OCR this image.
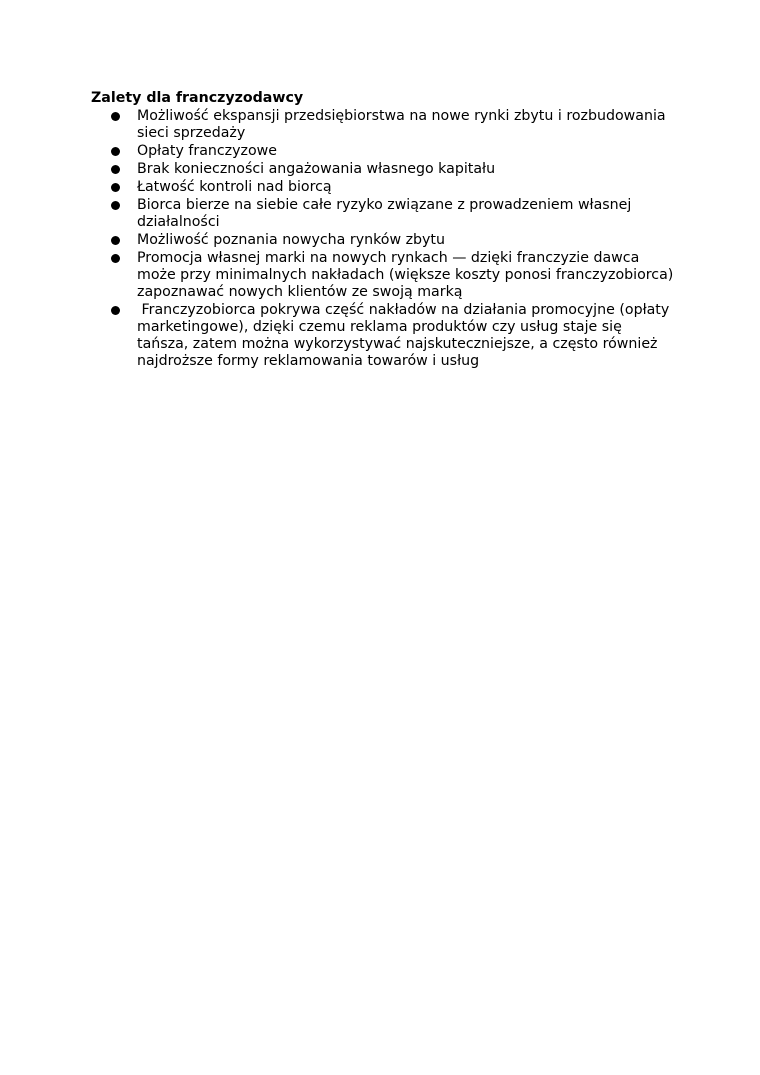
Zalety dla franczyzodawcy
Możliwość ekspansji przedsiębiorstwa na nowe rynki zbytu i rozbudowania
sieci sprzedaży
Opłaty franczyzowe
Brak konieczności angażowania własnego kapitału
Łatwość kontroli nad biorcą
Biorca bierze na siebie całe ryzyko związane z prowadzeniem własnej
działalności
Możliwość poznania nowycha rynków zbytu
Promocja własnej marki na nowych rynkach — dzięki franczyzie dawca
może przy minimalnych nakładach (większe koszty ponosi franczyzobiorca)
zapoznawać nowych klientów ze swoją marką
Franczyzobiorca pokrywa część nakładów na działania promocyjne (opłaty
marketingowe), dzięki czemu reklama produktów czy usług staje się
tańsza, zatem można wykorzystywać najskuteczniejsze, a często również
najdroższe formy reklamowania towarów i usług
